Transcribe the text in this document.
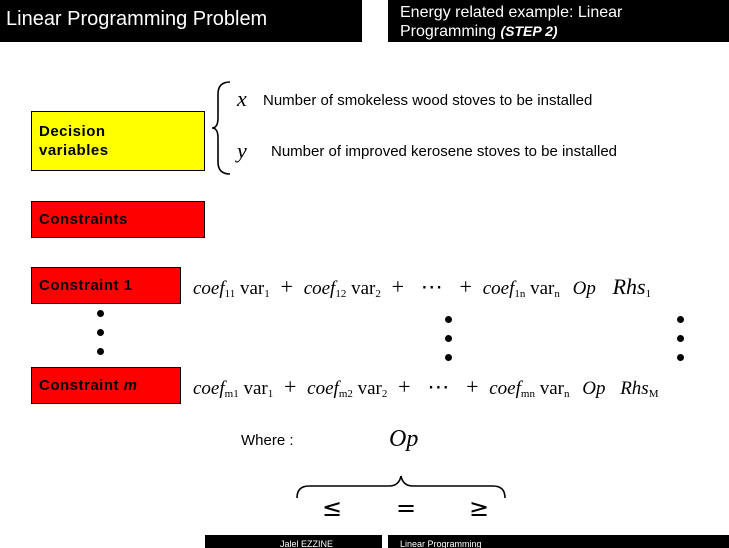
Linear Programming Problem	Energy related example: Linear
Programming (STEP 2)
Decision
variables
x Number of smokeless wood stoves to be installed
y Number of improved kerosene stoves to be installed
Constraints
Constraint 1
Constraint m
coef$_{11}$ var$_1$ + coef$_{12}$ var$_2$ + ⋯ + coef$_{1n}$ var$_n$ Op Rhs$_1$
coef$_{m1}$ var$_1$ + coef$_{m2}$ var$_2$ + ⋯ + coef$_{mn}$ var$_n$ Op Rhs$_M$
Where :	Op
≤ = ≥
Jalel EZZINE	Linear Programming
